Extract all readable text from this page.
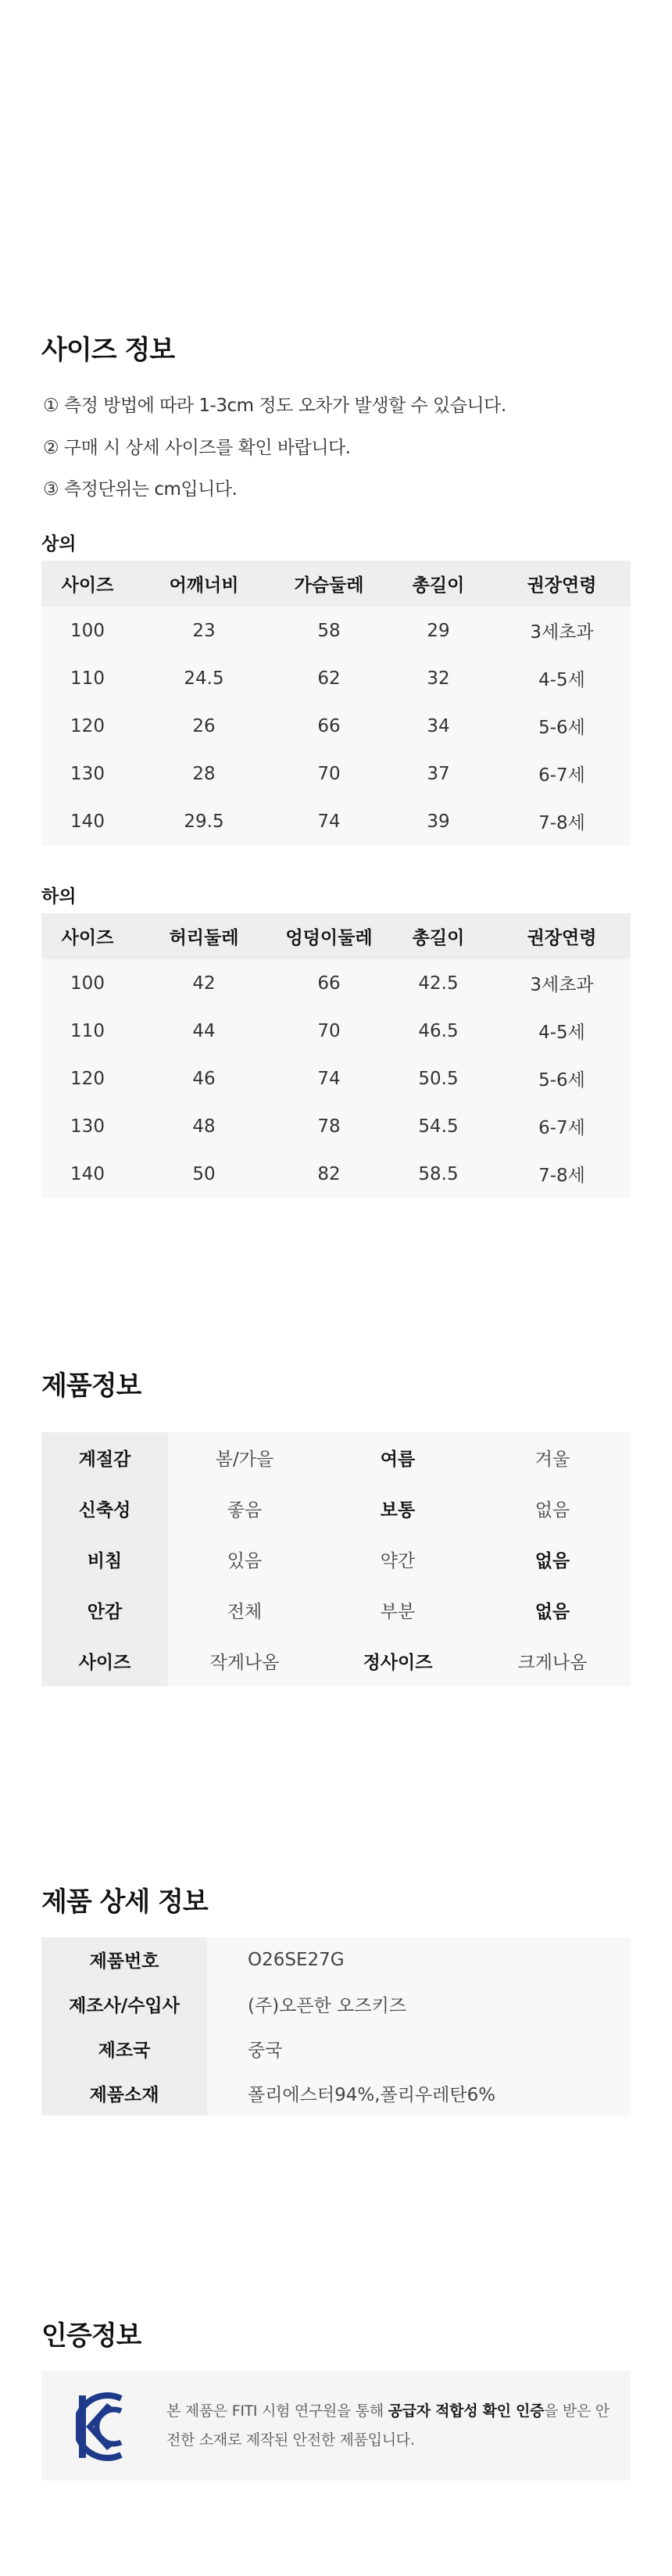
사이즈 정보
① 측정 방법에 따라 1-3cm 정도 오차가 발생할 수 있습니다.
② 구매 시 상세 사이즈를 확인 바랍니다.
③ 측정단위는 cm입니다.
상의
사이즈	어깨너비	가슴둘레	총길이	권장연령
100	23	58	29	3세초과
110	24.5	62	32	4-5세
120	26	66	34	5-6세
130	28	70	37	6-7세
140	29.5	74	39	7-8세
하의
사이즈	허리둘레	엉덩이둘레	총길이	권장연령
100	42	66	42.5	3세초과
110	44	70	46.5	4-5세
120	46	74	50.5	5-6세
130	48	78	54.5	6-7세
140	50	82	58.5	7-8세
제품정보
계절감	봄/가을	여름	겨울
신축성	좋음	보통	없음
비침	있음	약간	없음
안감	전체	부분	없음
사이즈	작게나옴	정사이즈	크게나옴
제품 상세 정보
제품번호	O26SE27G
제조사/수입사	(주)오픈한 오즈키즈
제조국	중국
제품소재	폴리에스터94%,폴리우레탄6%
인증정보
본 제품은 FITI 시험 연구원을 통해 공급자 적합성 확인 인증을 받은 안전한 소재로 제작된 안전한 제품입니다.
